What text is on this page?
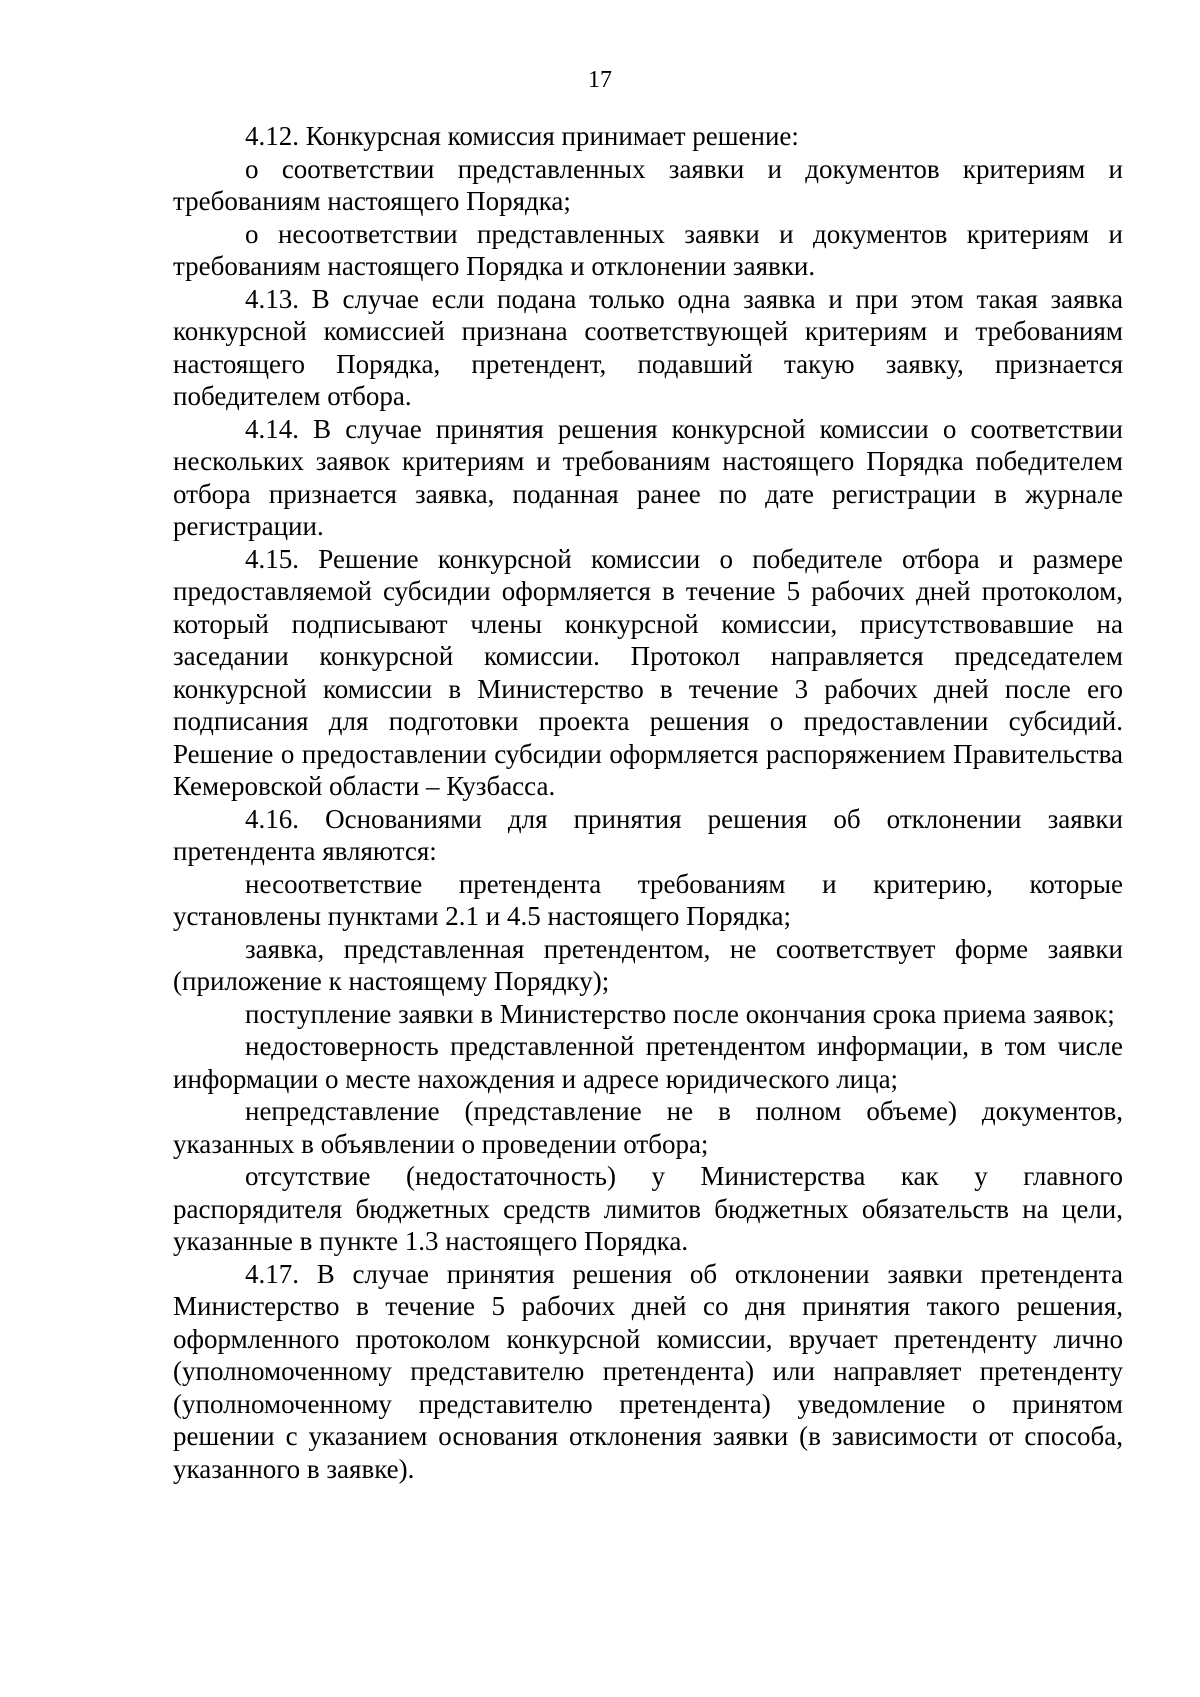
17

4.12. Конкурсная комиссия принимает решение:

о соответствии представленных заявки и документов критериям и требованиям настоящего Порядка;

о несоответствии представленных заявки и документов критериям и требованиям настоящего Порядка и отклонении заявки.

4.13. В случае если подана только одна заявка и при этом такая заявка конкурсной комиссией признана соответствующей критериям и требованиям настоящего Порядка, претендент, подавший такую заявку, признается победителем отбора.

4.14. В случае принятия решения конкурсной комиссии о соответствии нескольких заявок критериям и требованиям настоящего Порядка победителем отбора признается заявка, поданная ранее по дате регистрации в журнале регистрации.

4.15. Решение конкурсной комиссии о победителе отбора и размере предоставляемой субсидии оформляется в течение 5 рабочих дней протоколом, который подписывают члены конкурсной комиссии, присутствовавшие на заседании конкурсной комиссии. Протокол направляется председателем конкурсной комиссии в Министерство в течение 3 рабочих дней после его подписания для подготовки проекта решения о предоставлении субсидий. Решение о предоставлении субсидии оформляется распоряжением Правительства Кемеровской области – Кузбасса.

4.16. Основаниями для принятия решения об отклонении заявки претендента являются:

несоответствие претендента требованиям и критерию, которые установлены пунктами 2.1 и 4.5 настоящего Порядка;

заявка, представленная претендентом, не соответствует форме заявки (приложение к настоящему Порядку);

поступление заявки в Министерство после окончания срока приема заявок;

недостоверность представленной претендентом информации, в том числе информации о месте нахождения и адресе юридического лица;

непредставление (представление не в полном объеме) документов, указанных в объявлении о проведении отбора;

отсутствие (недостаточность) у Министерства как у главного распорядителя бюджетных средств лимитов бюджетных обязательств на цели, указанные в пункте 1.3 настоящего Порядка.

4.17. В случае принятия решения об отклонении заявки претендента Министерство в течение 5 рабочих дней со дня принятия такого решения, оформленного протоколом конкурсной комиссии, вручает претенденту лично (уполномоченному представителю претендента) или направляет претенденту (уполномоченному представителю претендента) уведомление о принятом решении с указанием основания отклонения заявки (в зависимости от способа, указанного в заявке).
